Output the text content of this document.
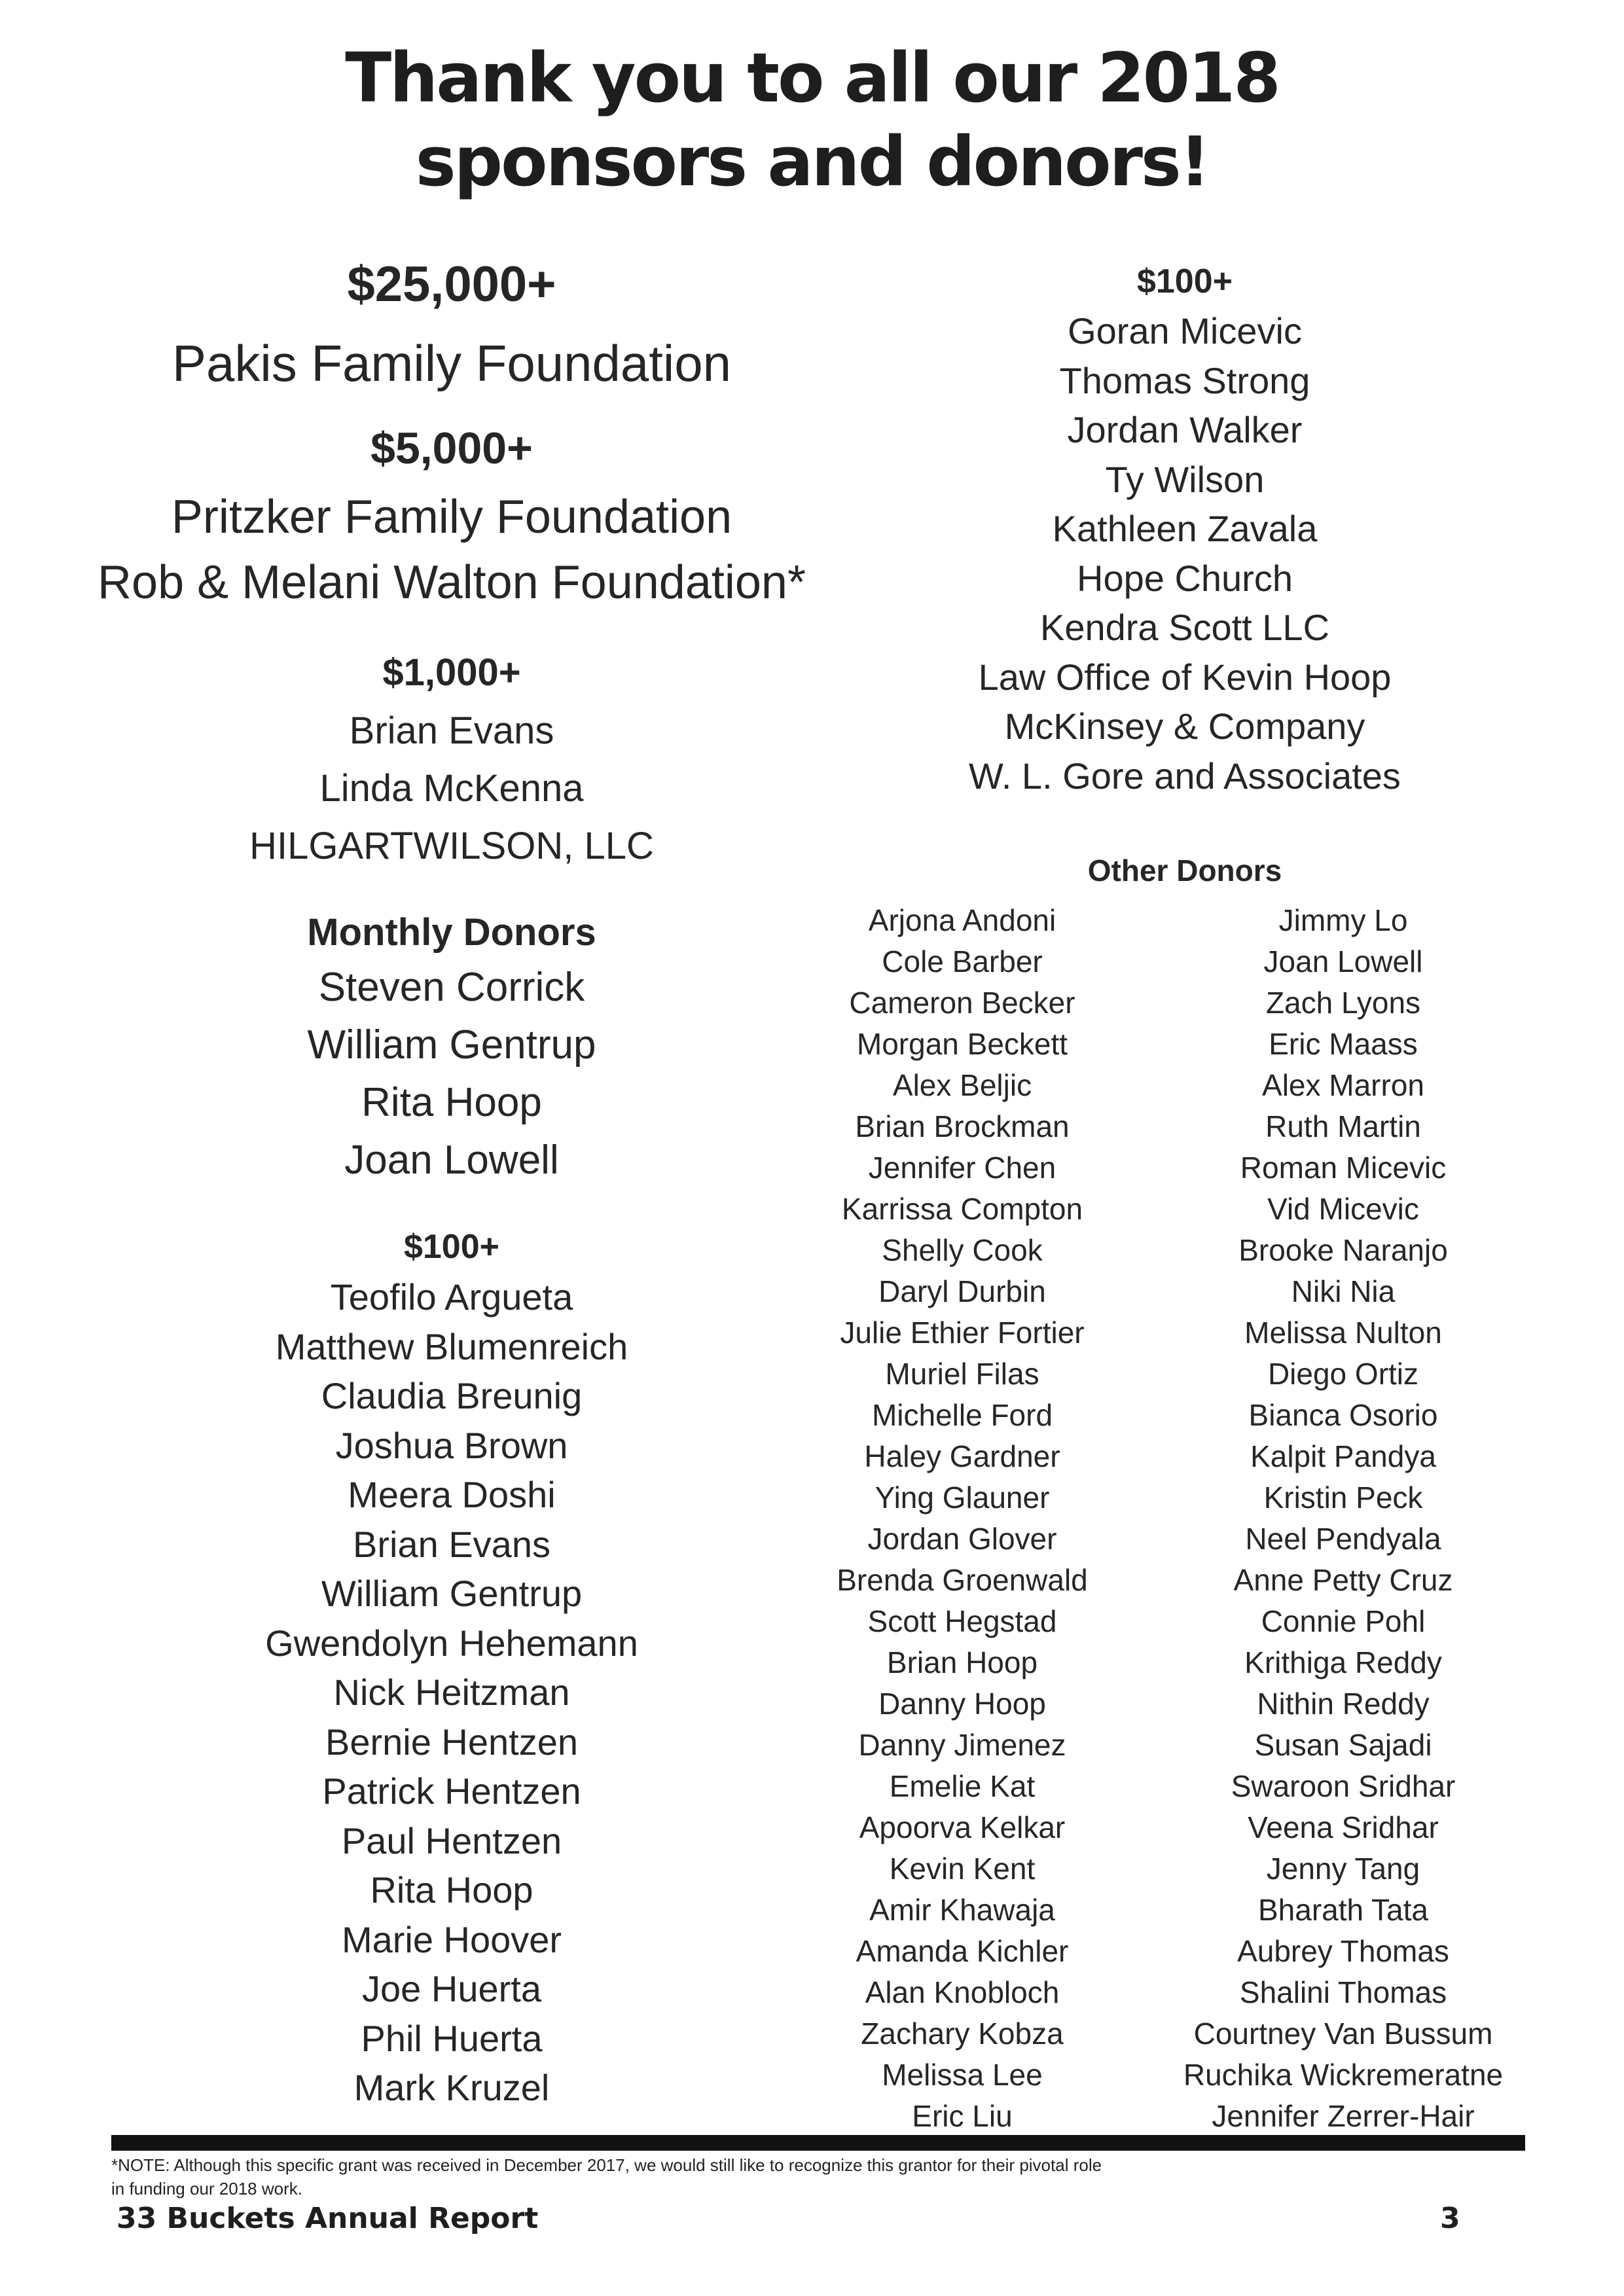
Thank you to all our 2018
sponsors and donors!
$25,000+
Pakis Family Foundation
$5,000+
Pritzker Family Foundation
Rob & Melani Walton Foundation*
$1,000+
Brian Evans
Linda McKenna
HILGARTWILSON, LLC
Monthly Donors
Steven Corrick
William Gentrup
Rita Hoop
Joan Lowell
$100+
Teofilo Argueta
Matthew Blumenreich
Claudia Breunig
Joshua Brown
Meera Doshi
Brian Evans
William Gentrup
Gwendolyn Hehemann
Nick Heitzman
Bernie Hentzen
Patrick Hentzen
Paul Hentzen
Rita Hoop
Marie Hoover
Joe Huerta
Phil Huerta
Mark Kruzel
$100+
Goran Micevic
Thomas Strong
Jordan Walker
Ty Wilson
Kathleen Zavala
Hope Church
Kendra Scott LLC
Law Office of Kevin Hoop
McKinsey & Company
W. L. Gore and Associates
Other Donors
Arjona Andoni
Cole Barber
Cameron Becker
Morgan Beckett
Alex Beljic
Brian Brockman
Jennifer Chen
Karrissa Compton
Shelly Cook
Daryl Durbin
Julie Ethier Fortier
Muriel Filas
Michelle Ford
Haley Gardner
Ying Glauner
Jordan Glover
Brenda Groenwald
Scott Hegstad
Brian Hoop
Danny Hoop
Danny Jimenez
Emelie Kat
Apoorva Kelkar
Kevin Kent
Amir Khawaja
Amanda Kichler
Alan Knobloch
Zachary Kobza
Melissa Lee
Eric Liu
Jimmy Lo
Joan Lowell
Zach Lyons
Eric Maass
Alex Marron
Ruth Martin
Roman Micevic
Vid Micevic
Brooke Naranjo
Niki Nia
Melissa Nulton
Diego Ortiz
Bianca Osorio
Kalpit Pandya
Kristin Peck
Neel Pendyala
Anne Petty Cruz
Connie Pohl
Krithiga Reddy
Nithin Reddy
Susan Sajadi
Swaroon Sridhar
Veena Sridhar
Jenny Tang
Bharath Tata
Aubrey Thomas
Shalini Thomas
Courtney Van Bussum
Ruchika Wickremeratne
Jennifer Zerrer-Hair
*NOTE: Although this specific grant was received in December 2017, we would still like to recognize this grantor for their pivotal role
in funding our 2018 work.
33 Buckets Annual Report	3
